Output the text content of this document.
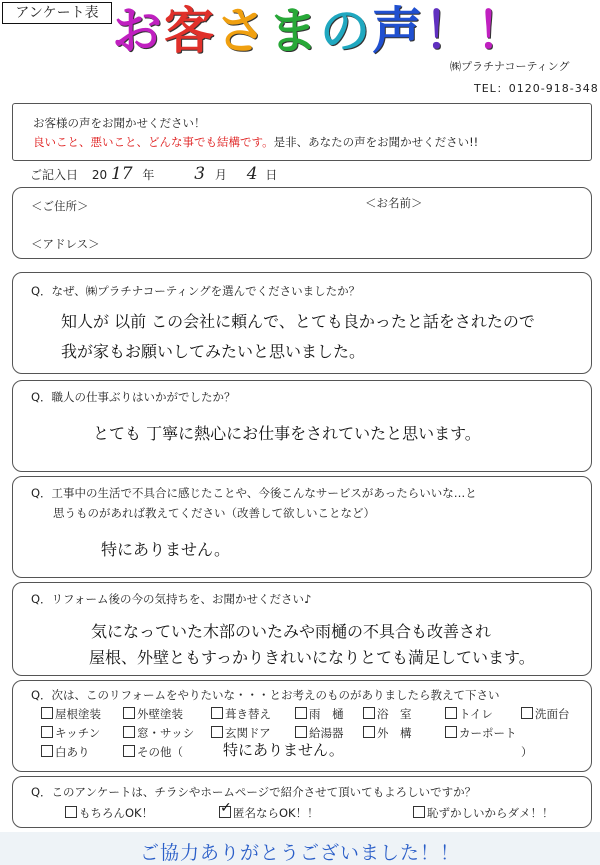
アンケート表 お客さまの声！！
㈱プラチナコーティング
TEL：0120-918-348
お客様の声をお聞かせください！
良いこと、悪いこと、どんな事でも結構です。是非、あなたの声をお聞かせください!!
ご記入日 20 17 年 3 月 4 日
＜ご住所＞	＜お名前＞
＜アドレス＞
Q．なぜ、㈱プラチナコーティングを選んでくださいましたか？
知人が 以前 この会社に頼んで、とても良かったと話をされたので
我が家もお願いしてみたいと思いました。
Q．職人の仕事ぶりはいかがでしたか？
とても 丁寧に熱心にお仕事をされていたと思います。
Q．工事中の生活で不具合に感じたことや、今後こんなサービスがあったらいいな…と
思うものがあれば教えてください（改善して欲しいことなど）
特にありません。
Q．リフォーム後の今の気持ちを、お聞かせください♪
気になっていた木部のいたみや雨樋の不具合も改善され
屋根、外壁ともすっかりきれいになりとても満足しています。
Q．次は、このリフォームをやりたいな・・・とお考えのものがありましたら教えて下さい
屋根塗装	外壁塗装	葺き替え	雨　樋	浴　室	トイレ	洗面台
キッチン	窓・サッシ	玄関ドア	給湯器	外　構	カーポート
白あり	その他（	特にありません。	）
Q．このアンケートは、チラシやホームページで紹介させて頂いてもよろしいですか？
もちろんOK！	✓ 匿名ならOK！！	恥ずかしいからダメ！！
ご協力ありがとうございました！！
